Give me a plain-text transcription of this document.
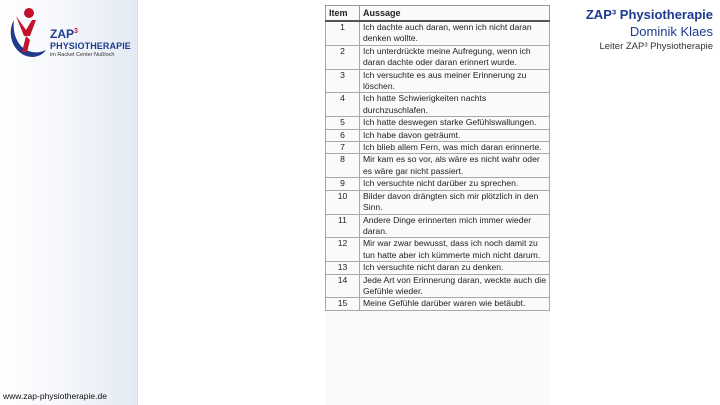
ZAP$^3$
PHYSIOTHERAPIE
im Racket Center Nußloch
www.zap-physiotherapie.de
ZAP³ Physiotherapie
Dominik Klaes
Leiter ZAP³ Physiotherapie
Item	Aussage
1	Ich dachte auch daran, wenn ich nicht daran denken wollte.
2	Ich unterdrückte meine Aufregung, wenn ich daran dachte oder daran erinnert wurde.
3	Ich versuchte es aus meiner Erinnerung zu löschen.
4	Ich hatte Schwierigkeiten nachts durchzuschlafen.
5	Ich hatte deswegen starke Gefühlswallungen.
6	Ich habe davon geträumt.
7	Ich blieb allem Fern, was mich daran erinnerte.
8	Mir kam es so vor, als wäre es nicht wahr oder es wäre gar nicht passiert.
9	Ich versuchte nicht darüber zu sprechen.
10	Bilder davon drängten sich mir plötzlich in den Sinn.
11	Andere Dinge erinnerten mich immer wieder daran.
12	Mir war zwar bewusst, dass ich noch damit zu tun hatte aber ich kümmerte mich nicht darum.
13	Ich versuchte nicht daran zu denken.
14	Jede Art von Erinnerung daran, weckte auch die Gefühle wieder.
15	Meine Gefühle darüber waren wie betäubt.
